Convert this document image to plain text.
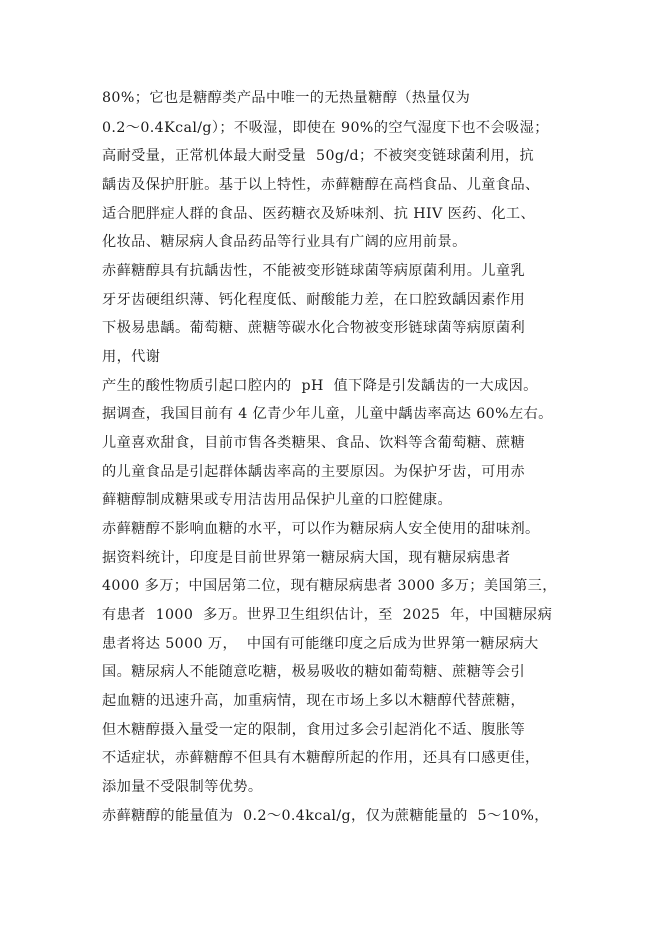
80%；它也是糖醇类产品中唯一的无热量糖醇（热量仅为
0.2～0.4Kcal/g）；不吸湿，即使在 90%的空气湿度下也不会吸湿；
高耐受量，正常机体最大耐受量  50g/d；不被突变链球菌利用，抗
龋齿及保护肝脏。基于以上特性，赤藓糖醇在高档食品、儿童食品、
适合肥胖症人群的食品、医药糖衣及矫味剂、抗 HIV 医药、化工、
化妆品、糖尿病人食品药品等行业具有广阔的应用前景。
赤藓糖醇具有抗龋齿性，不能被变形链球菌等病原菌利用。儿童乳
牙牙齿硬组织薄、钙化程度低、耐酸能力差，在口腔致龋因素作用
下极易患龋。葡萄糖、蔗糖等碳水化合物被变形链球菌等病原菌利
用，代谢
产生的酸性物质引起口腔内的  pH  值下降是引发龋齿的一大成因。
据调查，我国目前有 4 亿青少年儿童，儿童中龋齿率高达 60%左右。
儿童喜欢甜食，目前市售各类糖果、食品、饮料等含葡萄糖、蔗糖
的儿童食品是引起群体龋齿率高的主要原因。为保护牙齿，可用赤
藓糖醇制成糖果或专用洁齿用品保护儿童的口腔健康。
赤藓糖醇不影响血糖的水平，可以作为糖尿病人安全使用的甜味剂。
据资料统计，印度是目前世界第一糖尿病大国，现有糖尿病患者
4000 多万；中国居第二位，现有糖尿病患者 3000 多万；美国第三，
有患者  1000  多万。世界卫生组织估计，至  2025  年，中国糖尿病
患者将达 5000 万，  中国有可能继印度之后成为世界第一糖尿病大
国。糖尿病人不能随意吃糖，极易吸收的糖如葡萄糖、蔗糖等会引
起血糖的迅速升高，加重病情，现在市场上多以木糖醇代替蔗糖，
但木糖醇摄入量受一定的限制，食用过多会引起消化不适、腹胀等
不适症状，赤藓糖醇不但具有木糖醇所起的作用，还具有口感更佳，
添加量不受限制等优势。
赤藓糖醇的能量值为  0.2～0.4kcal/g，仅为蔗糖能量的  5～10%，
